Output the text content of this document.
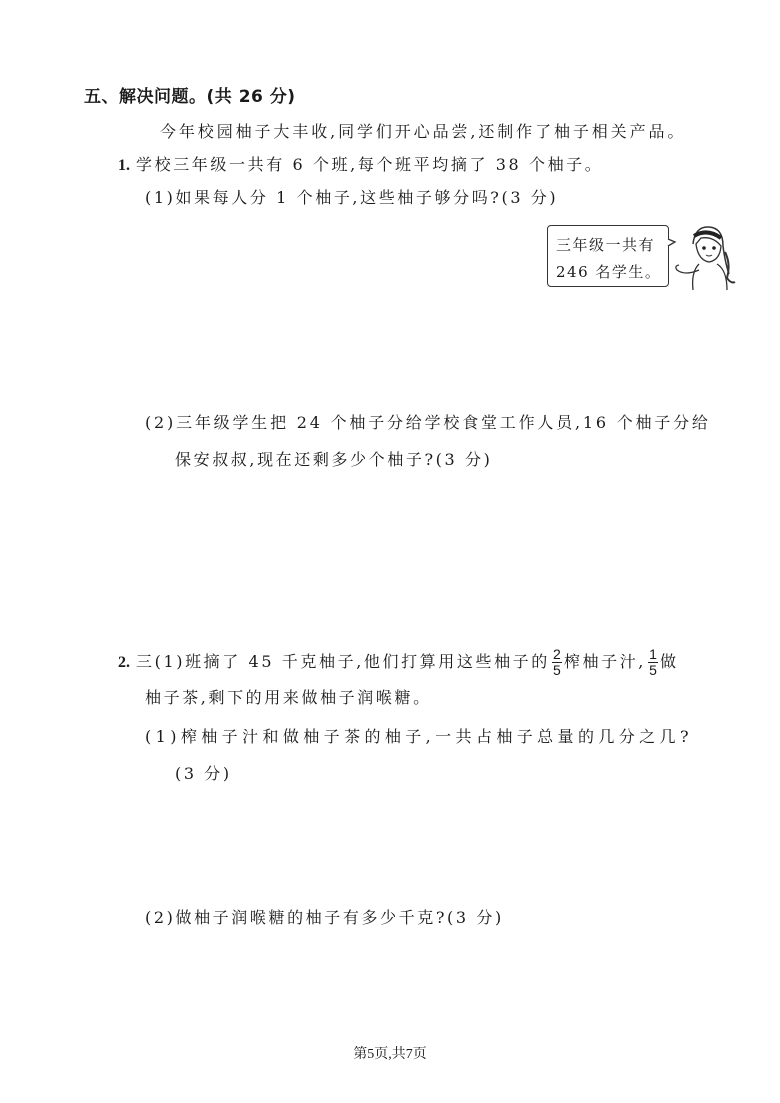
五、解决问题。(共 26 分)
今年校园柚子大丰收,同学们开心品尝,还制作了柚子相关产品。
1. 学校三年级一共有 6 个班,每个班平均摘了 38 个柚子。
(1)如果每人分 1 个柚子,这些柚子够分吗?(3 分)
三年级一共有
246 名学生。
(2)三年级学生把 24 个柚子分给学校食堂工作人员,16 个柚子分给
保安叔叔,现在还剩多少个柚子?(3 分)
2. 三(1)班摘了 45 千克柚子,他们打算用这些柚子的 $\frac{2}{5}$ 榨柚子汁, $\frac{1}{5}$ 做
柚子茶,剩下的用来做柚子润喉糖。
(1)榨柚子汁和做柚子茶的柚子,一共占柚子总量的几分之几?
(3 分)
(2)做柚子润喉糖的柚子有多少千克?(3 分)
第5页,共7页
